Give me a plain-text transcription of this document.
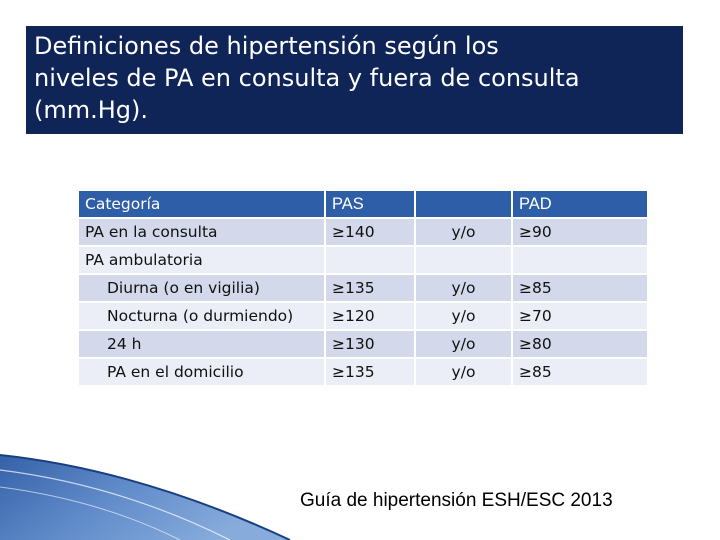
Definiciones de hipertensión según los
niveles de PA en consulta y fuera de consulta
(mm.Hg).
Categoría	PAS		PAD
PA en la consulta	≥140	y/o	≥90
PA ambulatoria			
Diurna (o en vigilia)	≥135	y/o	≥85
Nocturna (o durmiendo)	≥120	y/o	≥70
24 h	≥130	y/o	≥80
PA en el domicilio	≥135	y/o	≥85
Guía de hipertensión ESH/ESC 2013
